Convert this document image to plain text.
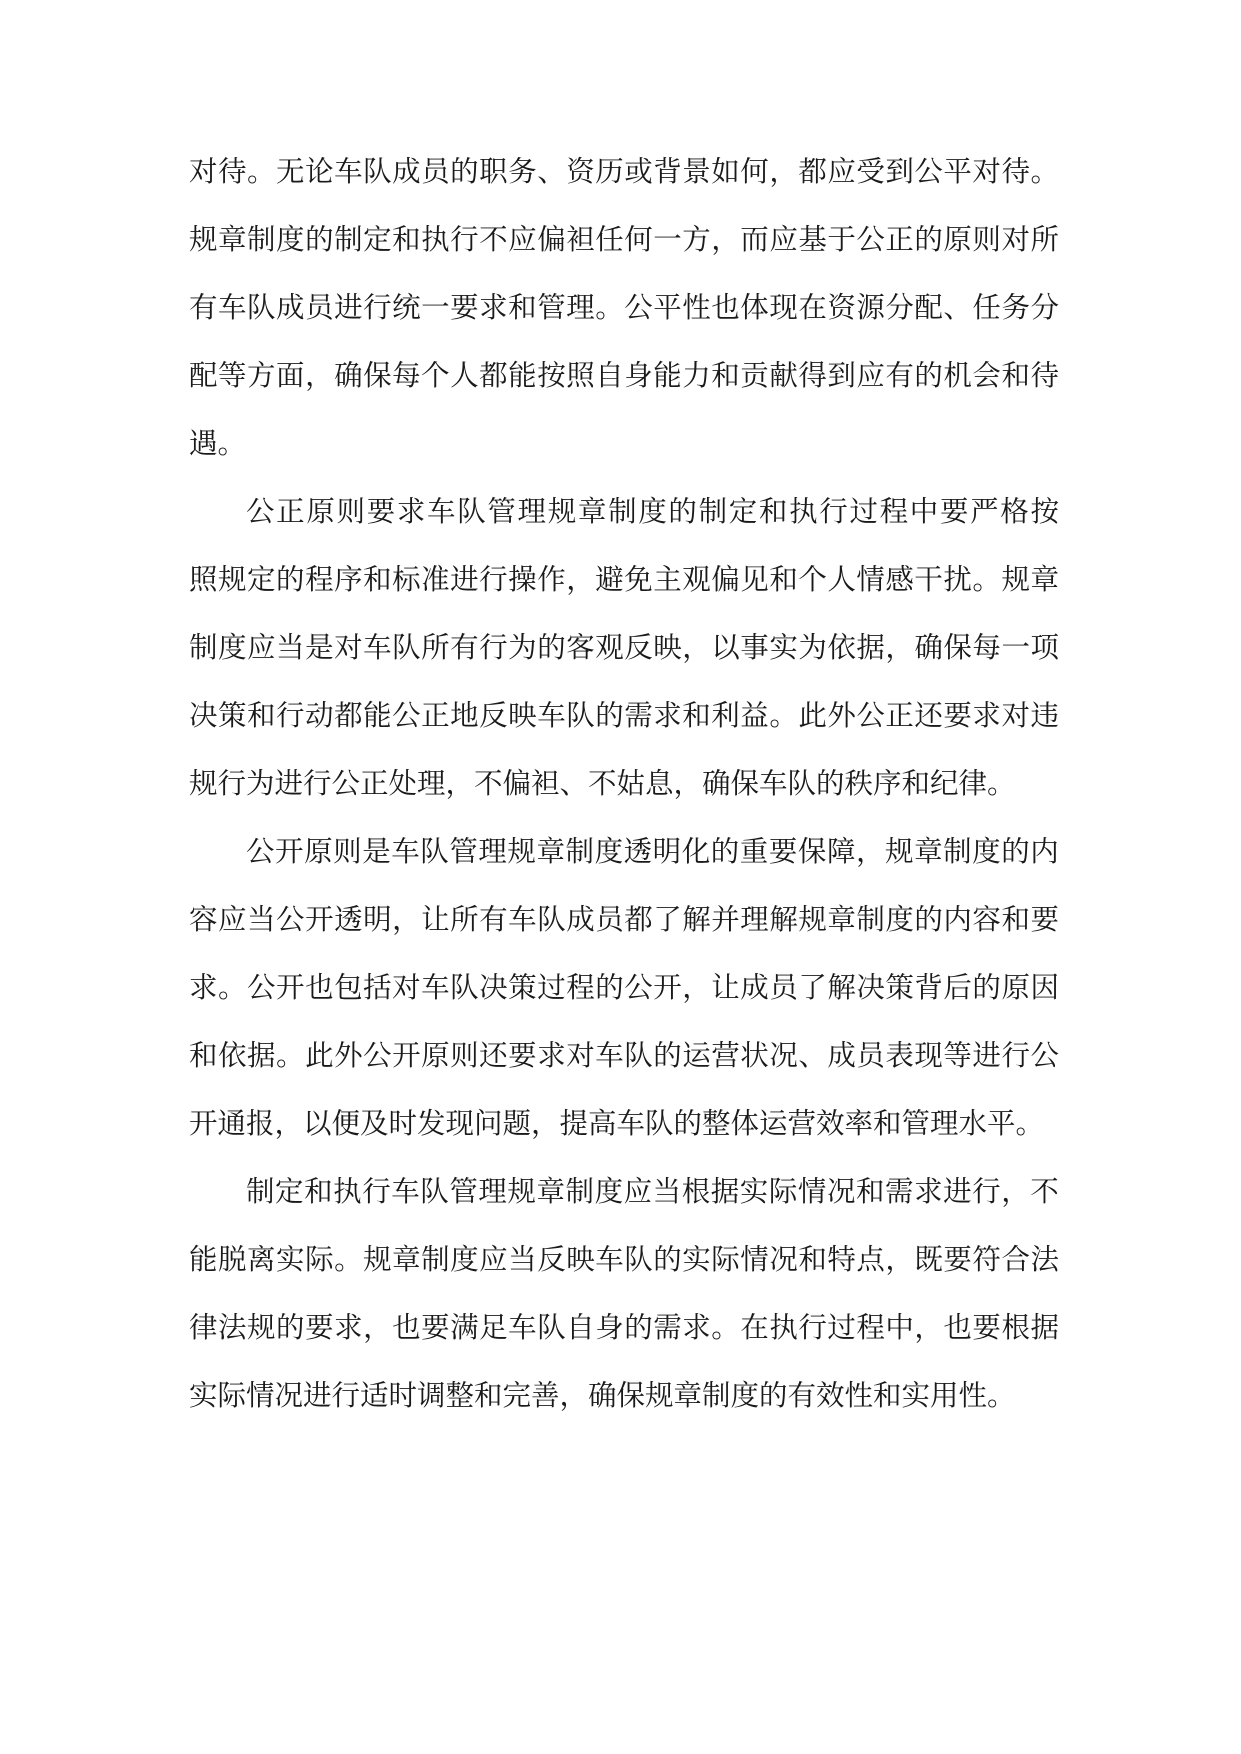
对 待 。 无 论 车 队 成 员 的 职 务 、 资 历 或 背 景 如 何 ， 都 应 受 到 公 平 对 待 。
规 章 制 度 的 制 定 和 执 行 不 应 偏 袒 任 何 一 方 ， 而 应 基 于 公 正 的 原 则 对 所
有 车 队 成 员 进 行 统 一 要 求 和 管 理 。 公 平 性 也 体 现 在 资 源 分 配 、 任 务 分
配 等 方 面 ， 确 保 每 个 人 都 能 按 照 自 身 能 力 和 贡 献 得 到 应 有 的 机 会 和 待
遇。
公 正 原 则 要 求 车 队 管 理 规 章 制 度 的 制 定 和 执 行 过 程 中 要 严 格 按
照 规 定 的 程 序 和 标 准 进 行 操 作 ， 避 免 主 观 偏 见 和 个 人 情 感 干 扰 。 规 章
制 度 应 当 是 对 车 队 所 有 行 为 的 客 观 反 映 ， 以 事 实 为 依 据 ， 确 保 每 一 项
决 策 和 行 动 都 能 公 正 地 反 映 车 队 的 需 求 和 利 益 。 此 外 公 正 还 要 求 对 违
规行为进行公正处理，不偏袒、不姑息，确保车队的秩序和纪律。
公 开 原 则 是 车 队 管 理 规 章 制 度 透 明 化 的 重 要 保 障 ， 规 章 制 度 的 内
容 应 当 公 开 透 明 ， 让 所 有 车 队 成 员 都 了 解 并 理 解 规 章 制 度 的 内 容 和 要
求 。 公 开 也 包 括 对 车 队 决 策 过 程 的 公 开 ， 让 成 员 了 解 决 策 背 后 的 原 因
和 依 据 。 此 外 公 开 原 则 还 要 求 对 车 队 的 运 营 状 况 、 成 员 表 现 等 进 行 公
开通报，以便及时发现问题，提高车队的整体运营效率和管理水平。
制 定 和 执 行 车 队 管 理 规 章 制 度 应 当 根 据 实 际 情 况 和 需 求 进 行 ， 不
能 脱 离 实 际 。 规 章 制 度 应 当 反 映 车 队 的 实 际 情 况 和 特 点 ， 既 要 符 合 法
律 法 规 的 要 求 ， 也 要 满 足 车 队 自 身 的 需 求 。 在 执 行 过 程 中 ， 也 要 根 据
实际情况进行适时调整和完善，确保规章制度的有效性和实用性。
